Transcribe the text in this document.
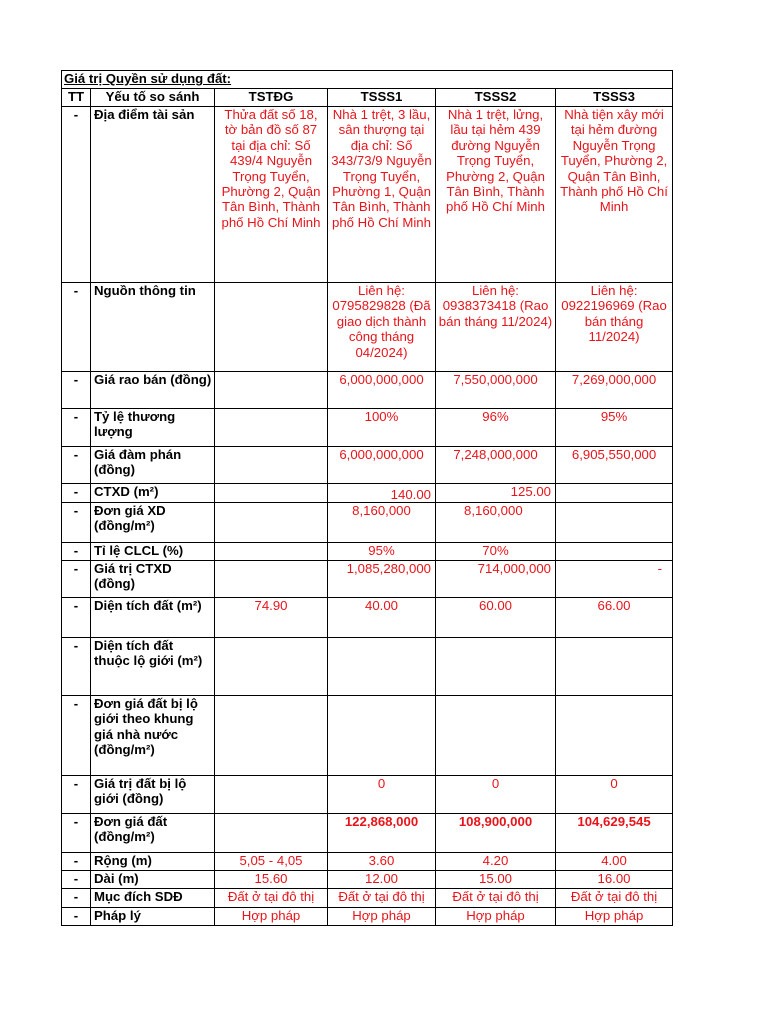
Giá trị Quyền sử dụng đất:					
TT	Yếu tố so sánh	TSTĐG	TSSS1	TSSS2	TSSS3
-	Địa điểm tài sản	Thửa đất số 18, tờ bản đồ số 87 tại địa chỉ: Số 439/4 Nguyễn Trọng Tuyển, Phường 2, Quận Tân Bình, Thành phố Hồ Chí Minh	Nhà 1 trệt, 3 lầu, sân thượng tại địa chỉ: Số 343/73/9 Nguyễn Trọng Tuyển, Phường 1, Quận Tân Bình, Thành phố Hồ Chí Minh	Nhà 1 trệt, lửng, lầu tại hẻm 439 đường Nguyễn Trọng Tuyển, Phường 2, Quận Tân Bình, Thành phố Hồ Chí Minh	Nhà tiện xây mới tại hẻm đường Nguyễn Trọng Tuyển, Phường 2, Quận Tân Bình, Thành phố Hồ Chí Minh
-	Nguồn thông tin		Liên hệ: 0795829828 (Đã giao dịch thành công tháng 04/2024)	Liên hệ: 0938373418 (Rao bán tháng 11/2024)	Liên hệ: 0922196969 (Rao bán tháng 11/2024)
-	Giá rao bán (đồng)		6,000,000,000	7,550,000,000	7,269,000,000
-	Tỷ lệ thương lượng		100%	96%	95%
-	Giá đàm phán (đồng)		6,000,000,000	7,248,000,000	6,905,550,000
-	CTXD (m²)		140.00	125.00	
-	Đơn giá XD (đồng/m²)		8,160,000	8,160,000	
-	Tỉ lệ CLCL (%)		95%	70%	
-	Giá trị CTXD (đồng)		1,085,280,000	714,000,000	-
-	Diện tích đất (m²)	74.90	40.00	60.00	66.00
-	Diện tích đất thuộc lộ giới (m²)				
-	Đơn giá đất bị lộ giới theo khung giá nhà nước (đồng/m²)				
-	Giá trị đất bị lộ giới (đồng)		0	0	0
-	Đơn giá đất (đồng/m²)		122,868,000	108,900,000	104,629,545
-	Rộng (m)	5,05 - 4,05	3.60	4.20	4.00
-	Dài (m)	15.60	12.00	15.00	16.00
-	Mục đích SDĐ	Đất ở tại đô thị	Đất ở tại đô thị	Đất ở tại đô thị	Đất ở tại đô thị
-	Pháp lý	Hợp pháp	Hợp pháp	Hợp pháp	Hợp pháp
